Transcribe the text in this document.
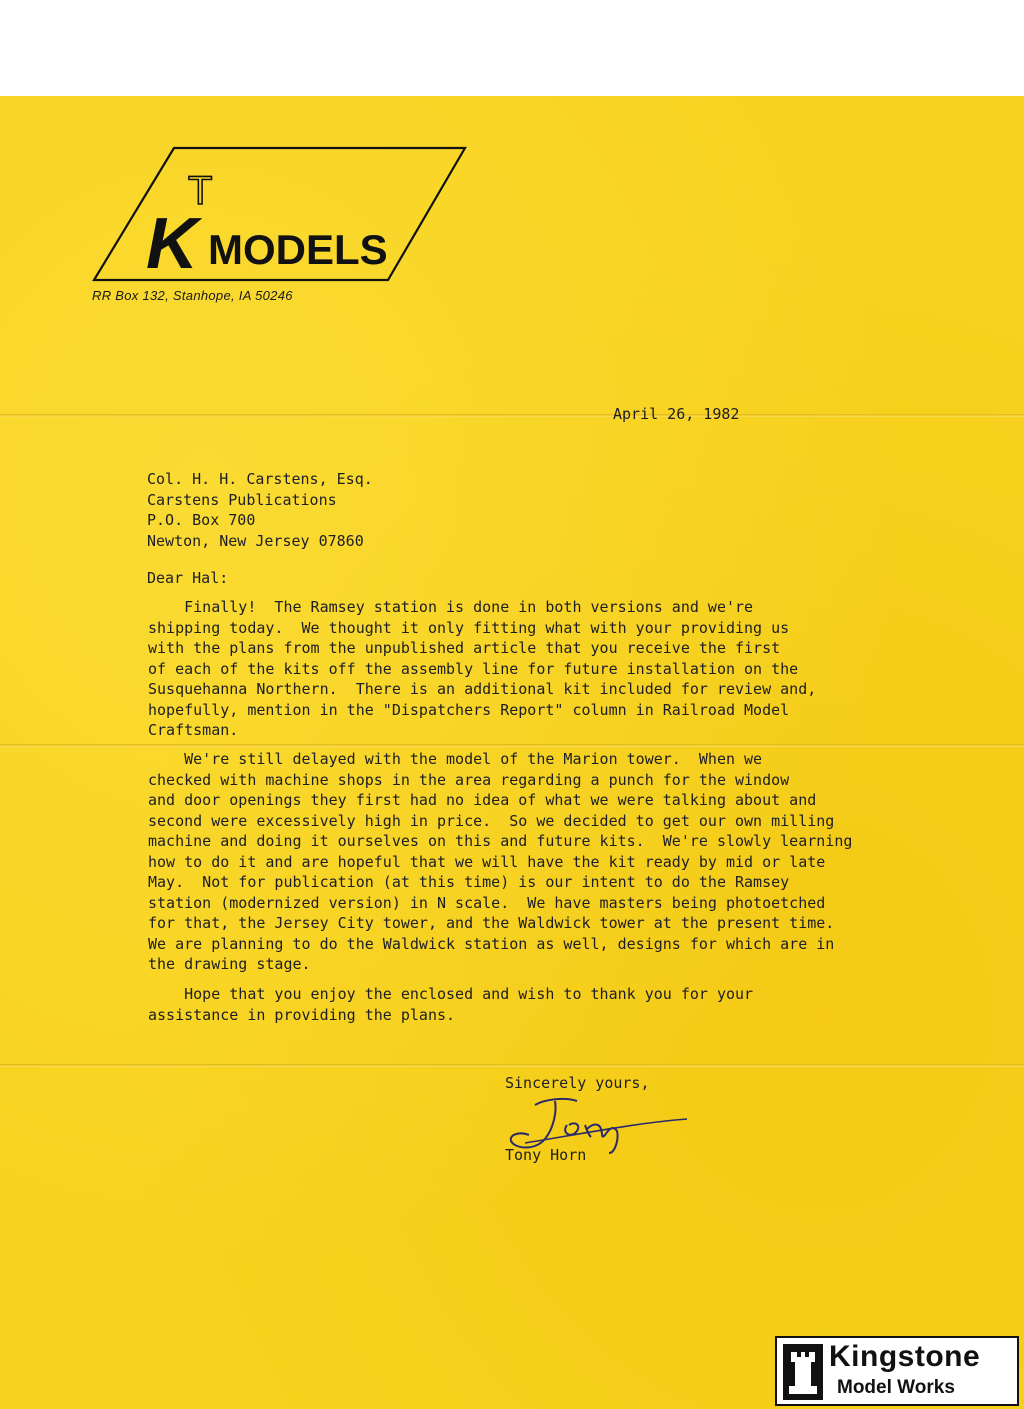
T
K MODELS
RR Box 132, Stanhope, IA 50246
April 26, 1982
Col. H. H. Carstens, Esq.
Carstens Publications
P.O. Box 700
Newton, New Jersey 07860
Dear Hal:
Finally!  The Ramsey station is done in both versions and we're
shipping today.  We thought it only fitting what with your providing us
with the plans from the unpublished article that you receive the first
of each of the kits off the assembly line for future installation on the
Susquehanna Northern.  There is an additional kit included for review and,
hopefully, mention in the "Dispatchers Report" column in Railroad Model
Craftsman.
We're still delayed with the model of the Marion tower.  When we
checked with machine shops in the area regarding a punch for the window
and door openings they first had no idea of what we were talking about and
second were excessively high in price.  So we decided to get our own milling
machine and doing it ourselves on this and future kits.  We're slowly learning
how to do it and are hopeful that we will have the kit ready by mid or late
May.  Not for publication (at this time) is our intent to do the Ramsey
station (modernized version) in N scale.  We have masters being photoetched
for that, the Jersey City tower, and the Waldwick tower at the present time.
We are planning to do the Waldwick station as well, designs for which are in
the drawing stage.
Hope that you enjoy the enclosed and wish to thank you for your
assistance in providing the plans.
Sincerely yours,
Tony Horn
Kingstone
Model Works
